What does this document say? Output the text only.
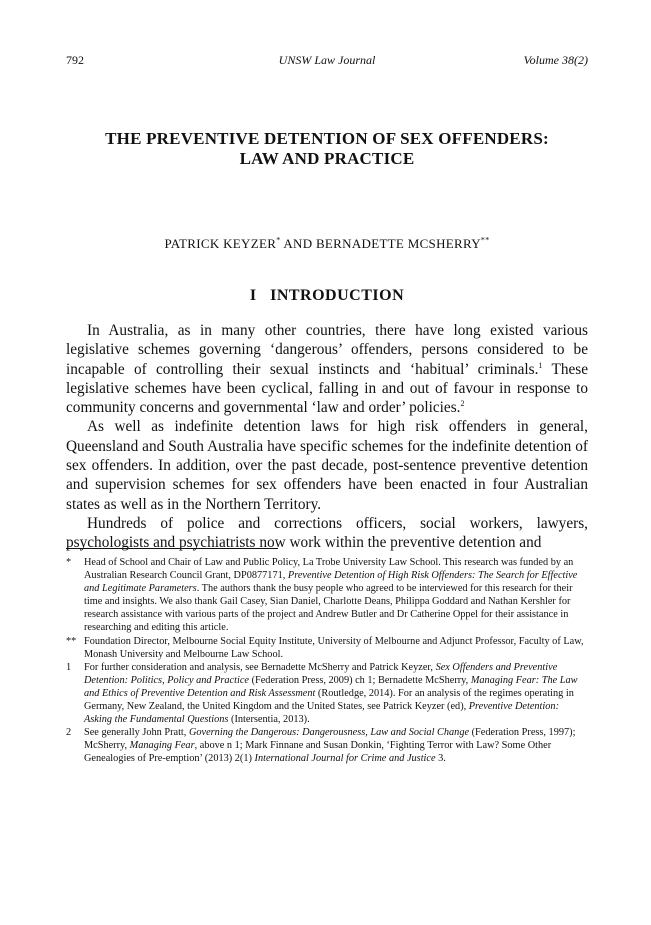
792	UNSW Law Journal	Volume 38(2)
THE PREVENTIVE DETENTION OF SEX OFFENDERS:
LAW AND PRACTICE
PATRICK KEYZER* AND BERNADETTE MCSHERRY**
I   INTRODUCTION

In Australia, as in many other countries, there have long existed various legislative schemes governing ‘dangerous’ offenders, persons considered to be incapable of controlling their sexual instincts and ‘habitual’ criminals.$^1$ These legislative schemes have been cyclical, falling in and out of favour in response to community concerns and governmental ‘law and order’ policies.$^2$

As well as indefinite detention laws for high risk offenders in general, Queensland and South Australia have specific schemes for the indefinite detention of sex offenders. In addition, over the past decade, post-sentence preventive detention and supervision schemes for sex offenders have been enacted in four Australian states as well as in the Northern Territory.

Hundreds of police and corrections officers, social workers, lawyers, psychologists and psychiatrists now work within the preventive detention and

* Head of School and Chair of Law and Public Policy, La Trobe University Law School. This research was funded by an Australian Research Council Grant, DP0877171, Preventive Detention of High Risk Offenders: The Search for Effective and Legitimate Parameters. The authors thank the busy people who agreed to be interviewed for this research for their time and insights. We also thank Gail Casey, Sian Daniel, Charlotte Deans, Philippa Goddard and Nathan Kershler for research assistance with various parts of the project and Andrew Butler and Dr Catherine Oppel for their assistance in researching and editing this article.
** Foundation Director, Melbourne Social Equity Institute, University of Melbourne and Adjunct Professor, Faculty of Law, Monash University and Melbourne Law School.
1 For further consideration and analysis, see Bernadette McSherry and Patrick Keyzer, Sex Offenders and Preventive Detention: Politics, Policy and Practice (Federation Press, 2009) ch 1; Bernadette McSherry, Managing Fear: The Law and Ethics of Preventive Detention and Risk Assessment (Routledge, 2014). For an analysis of the regimes operating in Germany, New Zealand, the United Kingdom and the United States, see Patrick Keyzer (ed), Preventive Detention: Asking the Fundamental Questions (Intersentia, 2013).
2 See generally John Pratt, Governing the Dangerous: Dangerousness, Law and Social Change (Federation Press, 1997); McSherry, Managing Fear, above n 1; Mark Finnane and Susan Donkin, ‘Fighting Terror with Law? Some Other Genealogies of Pre-emption’ (2013) 2(1) International Journal for Crime and Justice 3.
